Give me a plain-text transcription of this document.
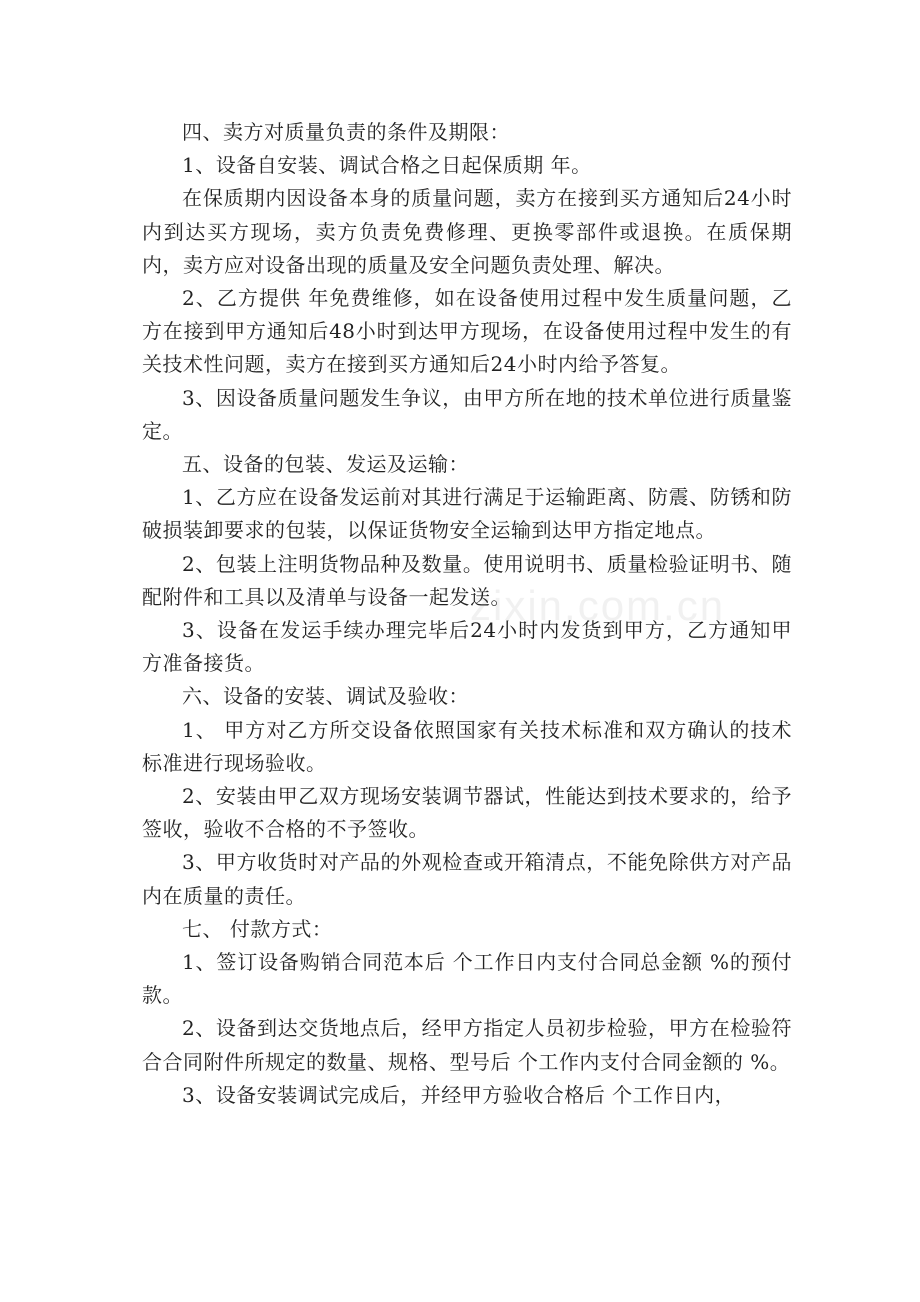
四、卖方对质量负责的条件及期限：

1、设备自安装、调试合格之日起保质期 年。

在保质期内因设备本身的质量问题，卖方在接到买方通知后24小时内到达买方现场，卖方负责免费修理、更换零部件或退换。在质保期内，卖方应对设备出现的质量及安全问题负责处理、解决。

2、乙方提供 年免费维修，如在设备使用过程中发生质量问题，乙方在接到甲方通知后48小时到达甲方现场，在设备使用过程中发生的有关技术性问题，卖方在接到买方通知后24小时内给予答复。

3、因设备质量问题发生争议，由甲方所在地的技术单位进行质量鉴定。

五、设备的包装、发运及运输：

1、乙方应在设备发运前对其进行满足于运输距离、防震、防锈和防破损装卸要求的包装，以保证货物安全运输到达甲方指定地点。

2、包装上注明货物品种及数量。使用说明书、质量检验证明书、随配附件和工具以及清单与设备一起发送。

3、设备在发运手续办理完毕后24小时内发货到甲方，乙方通知甲方准备接货。

六、设备的安装、调试及验收：

1、 甲方对乙方所交设备依照国家有关技术标准和双方确认的技术标准进行现场验收。

2、安装由甲乙双方现场安装调节器试，性能达到技术要求的，给予签收，验收不合格的不予签收。

3、甲方收货时对产品的外观检查或开箱清点，不能免除供方对产品内在质量的责任。

七、 付款方式：

1、签订设备购销合同范本后 个工作日内支付合同总金额 %的预付款。

2、设备到达交货地点后，经甲方指定人员初步检验，甲方在检验符合合同附件所规定的数量、规格、型号后 个工作内支付合同金额的 %。

3、设备安装调试完成后，并经甲方验收合格后 个工作日内，

zixin.com.cn
